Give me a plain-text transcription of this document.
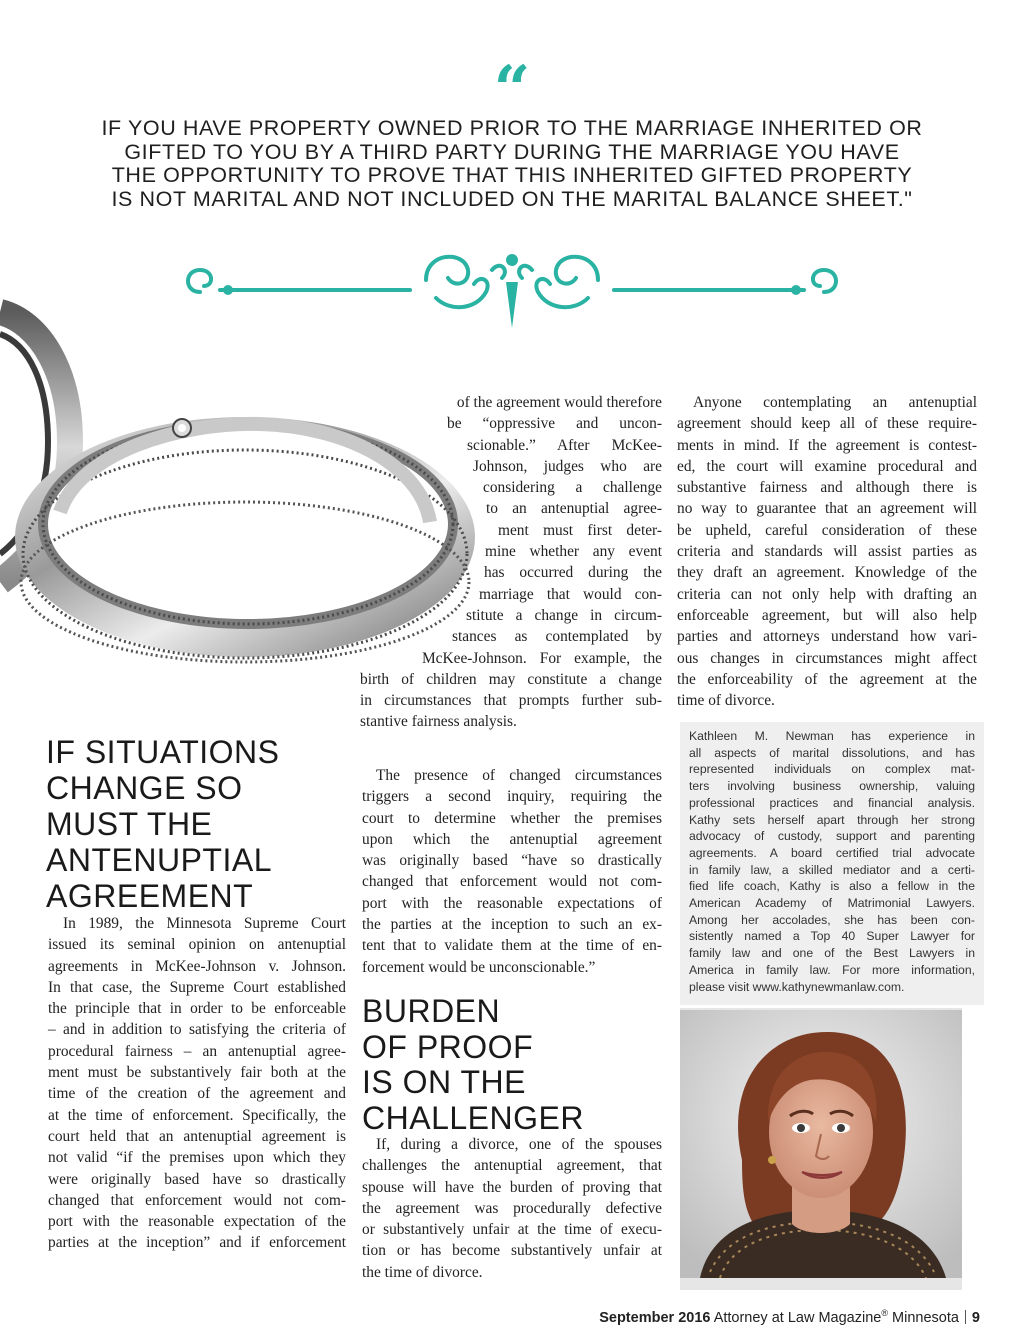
“
IF YOU HAVE PROPERTY OWNED PRIOR TO THE MARRIAGE INHERITED OR GIFTED TO YOU BY A THIRD PARTY DURING THE MARRIAGE YOU HAVE THE OPPORTUNITY TO PROVE THAT THIS INHERITED GIFTED PROPERTY IS NOT MARITAL AND NOT INCLUDED ON THE MARITAL BALANCE SHEET."
of the agreement would therefore
be “oppressive and uncon-
scionable.” After McKee-
Johnson, judges who are
considering a challenge
to an antenuptial agree-
ment must first deter-
mine whether any event
has occurred during the
marriage that would con-
stitute a change in circum-
stances as contemplated by
McKee-Johnson. For example, the
birth of children may constitute a change
in circumstances that prompts further sub-
stantive fairness analysis.
The presence of changed circumstances
triggers a second inquiry, requiring the
court to determine whether the premises
upon which the antenuptial agreement
was originally based “have so drastically
changed that enforcement would not com-
port with the reasonable expectations of
the parties at the inception to such an ex-
tent that to validate them at the time of en-
forcement would be unconscionable.”
IF SITUATIONS
CHANGE SO
MUST THE
ANTENUPTIAL
AGREEMENT
In 1989, the Minnesota Supreme Court
issued its seminal opinion on antenuptial
agreements in McKee-Johnson v. Johnson.
In that case, the Supreme Court established
the principle that in order to be enforceable
– and in addition to satisfying the criteria of
procedural fairness – an antenuptial agree-
ment must be substantively fair both at the
time of the creation of the agreement and
at the time of enforcement. Specifically, the
court held that an antenuptial agreement is
not valid “if the premises upon which they
were originally based have so drastically
changed that enforcement would not com-
port with the reasonable expectation of the
parties at the inception” and if enforcement
BURDEN
OF PROOF
IS ON THE
CHALLENGER
If, during a divorce, one of the spouses
challenges the antenuptial agreement, that
spouse will have the burden of proving that
the agreement was procedurally defective
or substantively unfair at the time of execu-
tion or has become substantively unfair at
the time of divorce.
Anyone contemplating an antenuptial
agreement should keep all of these require-
ments in mind. If the agreement is contest-
ed, the court will examine procedural and
substantive fairness and although there is
no way to guarantee that an agreement will
be upheld, careful consideration of these
criteria and standards will assist parties as
they draft an agreement. Knowledge of the
criteria can not only help with drafting an
enforceable agreement, but will also help
parties and attorneys understand how vari-
ous changes in circumstances might affect
the enforceability of the agreement at the
time of divorce.
Kathleen M. Newman has experience in
all aspects of marital dissolutions, and has
represented individuals on complex mat-
ters involving business ownership, valuing
professional practices and financial analysis.
Kathy sets herself apart through her strong
advocacy of custody, support and parenting
agreements. A board certified trial advocate
in family law, a skilled mediator and a certi-
fied life coach, Kathy is also a fellow in the
American Academy of Matrimonial Lawyers.
Among her accolades, she has been con-
sistently named a Top 40 Super Lawyer for
family law and one of the Best Lawyers in
America in family law. For more information,
please visit www.kathynewmanlaw.com.
September 2016 Attorney at Law Magazine® Minnesota 9
